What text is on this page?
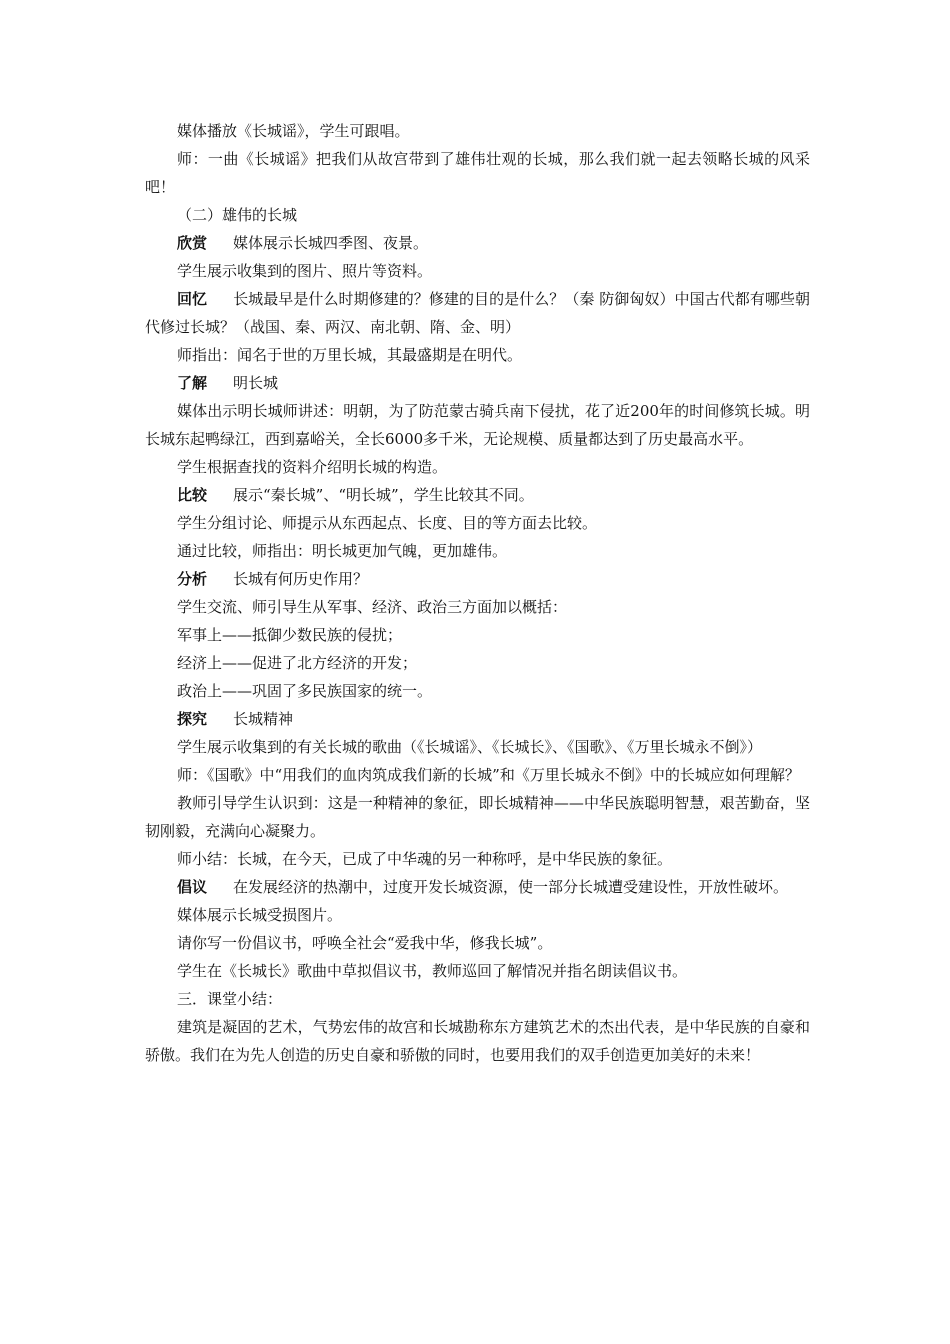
媒体播放《长城谣》，学生可跟唱。

师：一曲《长城谣》把我们从故宫带到了雄伟壮观的长城，那么我们就一起去领略长城的风采吧！

（二）雄伟的长城

欣赏 媒体展示长城四季图、夜景。

学生展示收集到的图片、照片等资料。

回忆 长城最早是什么时期修建的？修建的目的是什么？（秦 防御匈奴）中国古代都有哪些朝代修过长城？（战国、秦、两汉、南北朝、隋、金、明）

师指出：闻名于世的万里长城，其最盛期是在明代。

了解 明长城

媒体出示明长城师讲述：明朝，为了防范蒙古骑兵南下侵扰，花了近200年的时间修筑长城。明长城东起鸭绿江，西到嘉峪关，全长6000多千米，无论规模、质量都达到了历史最高水平。

学生根据查找的资料介绍明长城的构造。

比较 展示“秦长城”、“明长城”，学生比较其不同。

学生分组讨论、师提示从东西起点、长度、目的等方面去比较。

通过比较，师指出：明长城更加气魄，更加雄伟。

分析 长城有何历史作用？

学生交流、师引导生从军事、经济、政治三方面加以概括：

军事上——抵御少数民族的侵扰；

经济上——促进了北方经济的开发；

政治上——巩固了多民族国家的统一。

探究 长城精神

学生展示收集到的有关长城的歌曲（《长城谣》、《长城长》、《国歌》、《万里长城永不倒》）

师：《国歌》中“用我们的血肉筑成我们新的长城”和《万里长城永不倒》中的长城应如何理解？

教师引导学生认识到：这是一种精神的象征，即长城精神——中华民族聪明智慧，艰苦勤奋，坚韧刚毅，充满向心凝聚力。

师小结：长城，在今天，已成了中华魂的另一种称呼，是中华民族的象征。

倡议 在发展经济的热潮中，过度开发长城资源，使一部分长城遭受建设性，开放性破坏。

媒体展示长城受损图片。

请你写一份倡议书，呼唤全社会“爱我中华，修我长城”。

学生在《长城长》歌曲中草拟倡议书，教师巡回了解情况并指名朗读倡议书。

三．课堂小结：

建筑是凝固的艺术，气势宏伟的故宫和长城勘称东方建筑艺术的杰出代表，是中华民族的自豪和骄傲。我们在为先人创造的历史自豪和骄傲的同时，也要用我们的双手创造更加美好的未来！
